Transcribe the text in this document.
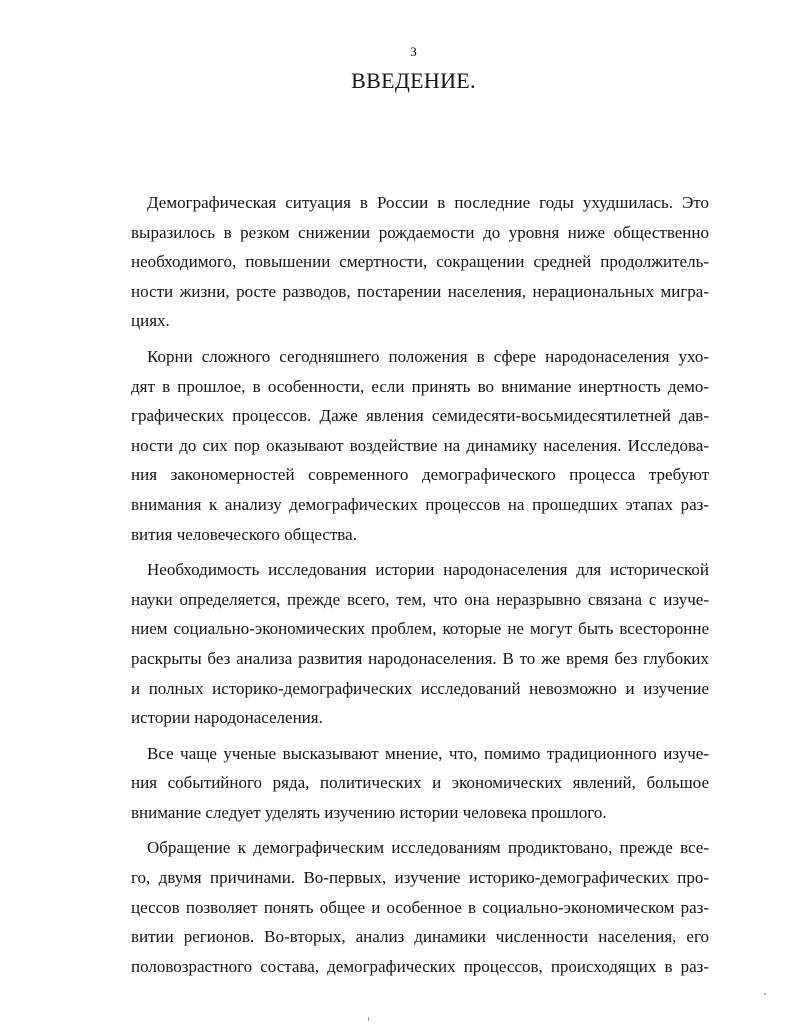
3
ВВЕДЕНИЕ.

Демографическая ситуация в России в последние годы ухудшилась. Это
выразилось в резком снижении рождаемости до уровня ниже общественно
необходимого, повышении смертности, сокращении средней продолжитель-
ности жизни, росте разводов, постарении населения, нерациональных мигра-
циях.

Корни сложного сегодняшнего положения в сфере народонаселения ухо-
дят в прошлое, в особенности, если принять во внимание инертность демо-
графических процессов. Даже явления семидесяти-восьмидесятилетней дав-
ности до сих пор оказывают воздействие на динамику населения. Исследова-
ния закономерностей современного демографического процесса требуют
внимания к анализу демографических процессов на прошедших этапах раз-
вития человеческого общества.

Необходимость исследования истории народонаселения для исторической
науки определяется, прежде всего, тем, что она неразрывно связана с изуче-
нием социально-экономических проблем, которые не могут быть всесторонне
раскрыты без анализа развития народонаселения. В то же время без глубоких
и полных историко-демографических исследований невозможно и изучение
истории народонаселения.

Все чаще ученые высказывают мнение, что, помимо традиционного изуче-
ния событийного ряда, политических и экономических явлений, большое
внимание следует уделять изучению истории человека прошлого.

Обращение к демографическим исследованиям продиктовано, прежде все-
го, двумя причинами. Во-первых, изучение историко-демографических про-
цессов позволяет понять общее и особенное в социально-экономическом раз-
витии регионов. Во-вторых, анализ динамики численности населения, его
половозрастного состава, демографических процессов, происходящих в раз-
